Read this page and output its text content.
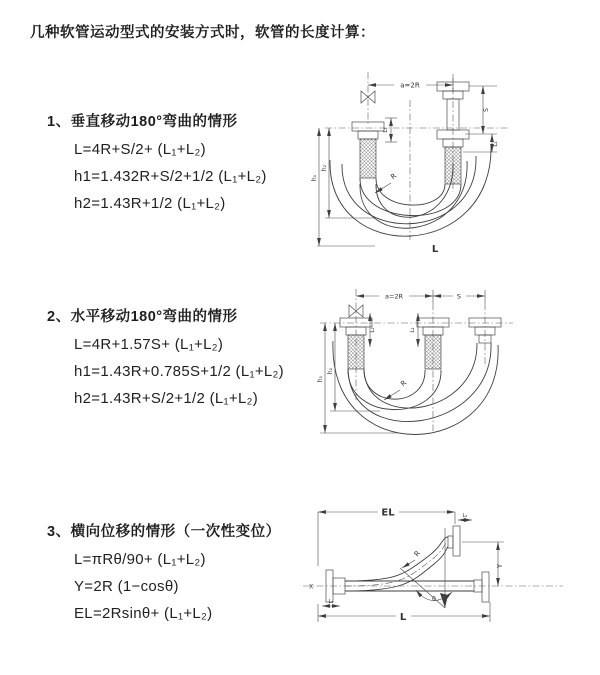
几种软管运动型式的安装方式时，软管的长度计算：
1、垂直移动180°弯曲的情形
L=4R+S/2+ (L₁+L₂)
h1=1.432R+S/2+1/2 (L₁+L₂)
h2=1.43R+1/2 (L₁+L₂)
a=2R
L₁
S
L₂
h₁
h₂
R
L
2、水平移动180°弯曲的情形
L=4R+1.57S+ (L₁+L₂)
h1=1.43R+0.785S+1/2 (L₁+L₂)
h2=1.43R+S/2+1/2 (L₁+L₂)
a=2R	S
L₁	L₂
h₁
h₂
R
3、横向位移的情形（一次性变位）
L=πRθ/90+ (L₁+L₂)
Y=2R (1−cosθ)
EL=2Rsinθ+ (L₁+L₂)
X
EL	L₂
Y
R
θ
L
L₁
